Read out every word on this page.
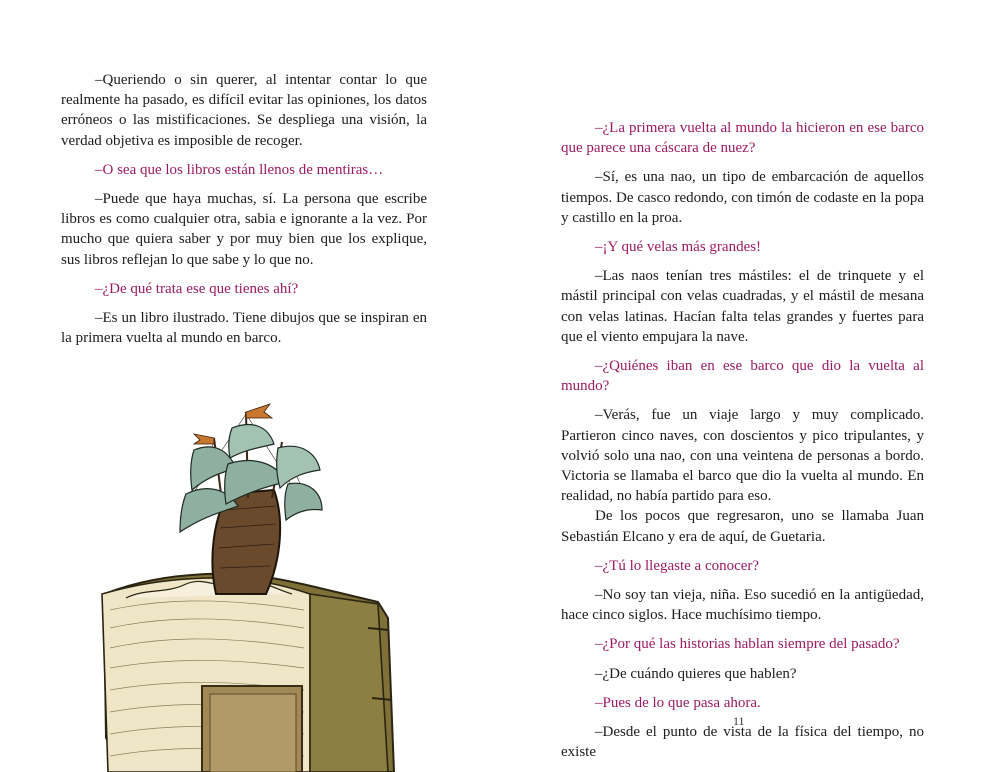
–Queriendo o sin querer, al intentar contar lo que realmente ha pasado, es difícil evitar las opiniones, los datos erróneos o las mistificaciones. Se despliega una visión, la verdad objetiva es imposible de recoger.

–O sea que los libros están llenos de mentiras…

–Puede que haya muchas, sí. La persona que escribe libros es como cualquier otra, sabia e ignorante a la vez. Por mucho que quiera saber y por muy bien que los explique, sus libros reflejan lo que sabe y lo que no.

–¿De qué trata ese que tienes ahí?

–Es un libro ilustrado. Tiene dibujos que se inspiran en la primera vuelta al mundo en barco.

–¿La primera vuelta al mundo la hicieron en ese barco que parece una cáscara de nuez?

–Sí, es una nao, un tipo de embarcación de aquellos tiempos. De casco redondo, con timón de codaste en la popa y castillo en la proa.

–¡Y qué velas más grandes!

–Las naos tenían tres mástiles: el de trinquete y el mástil principal con velas cuadradas, y el mástil de mesana con velas latinas. Hacían falta telas grandes y fuertes para que el viento empujara la nave.

–¿Quiénes iban en ese barco que dio la vuelta al mundo?

–Verás, fue un viaje largo y muy complicado. Partieron cinco naves, con doscientos y pico tripulantes, y volvió solo una nao, con una veintena de personas a bordo. Victoria se llamaba el barco que dio la vuelta al mundo. En realidad, no había partido para eso.

De los pocos que regresaron, uno se llamaba Juan Sebastián Elcano y era de aquí, de Guetaria.

–¿Tú lo llegaste a conocer?

–No soy tan vieja, niña. Eso sucedió en la antigüedad, hace cinco siglos. Hace muchísimo tiempo.

–¿Por qué las historias hablan siempre del pasado?

–¿De cuándo quieres que hablen?

–Pues de lo que pasa ahora.

–Desde el punto de vista de la física del tiempo, no existe

11
